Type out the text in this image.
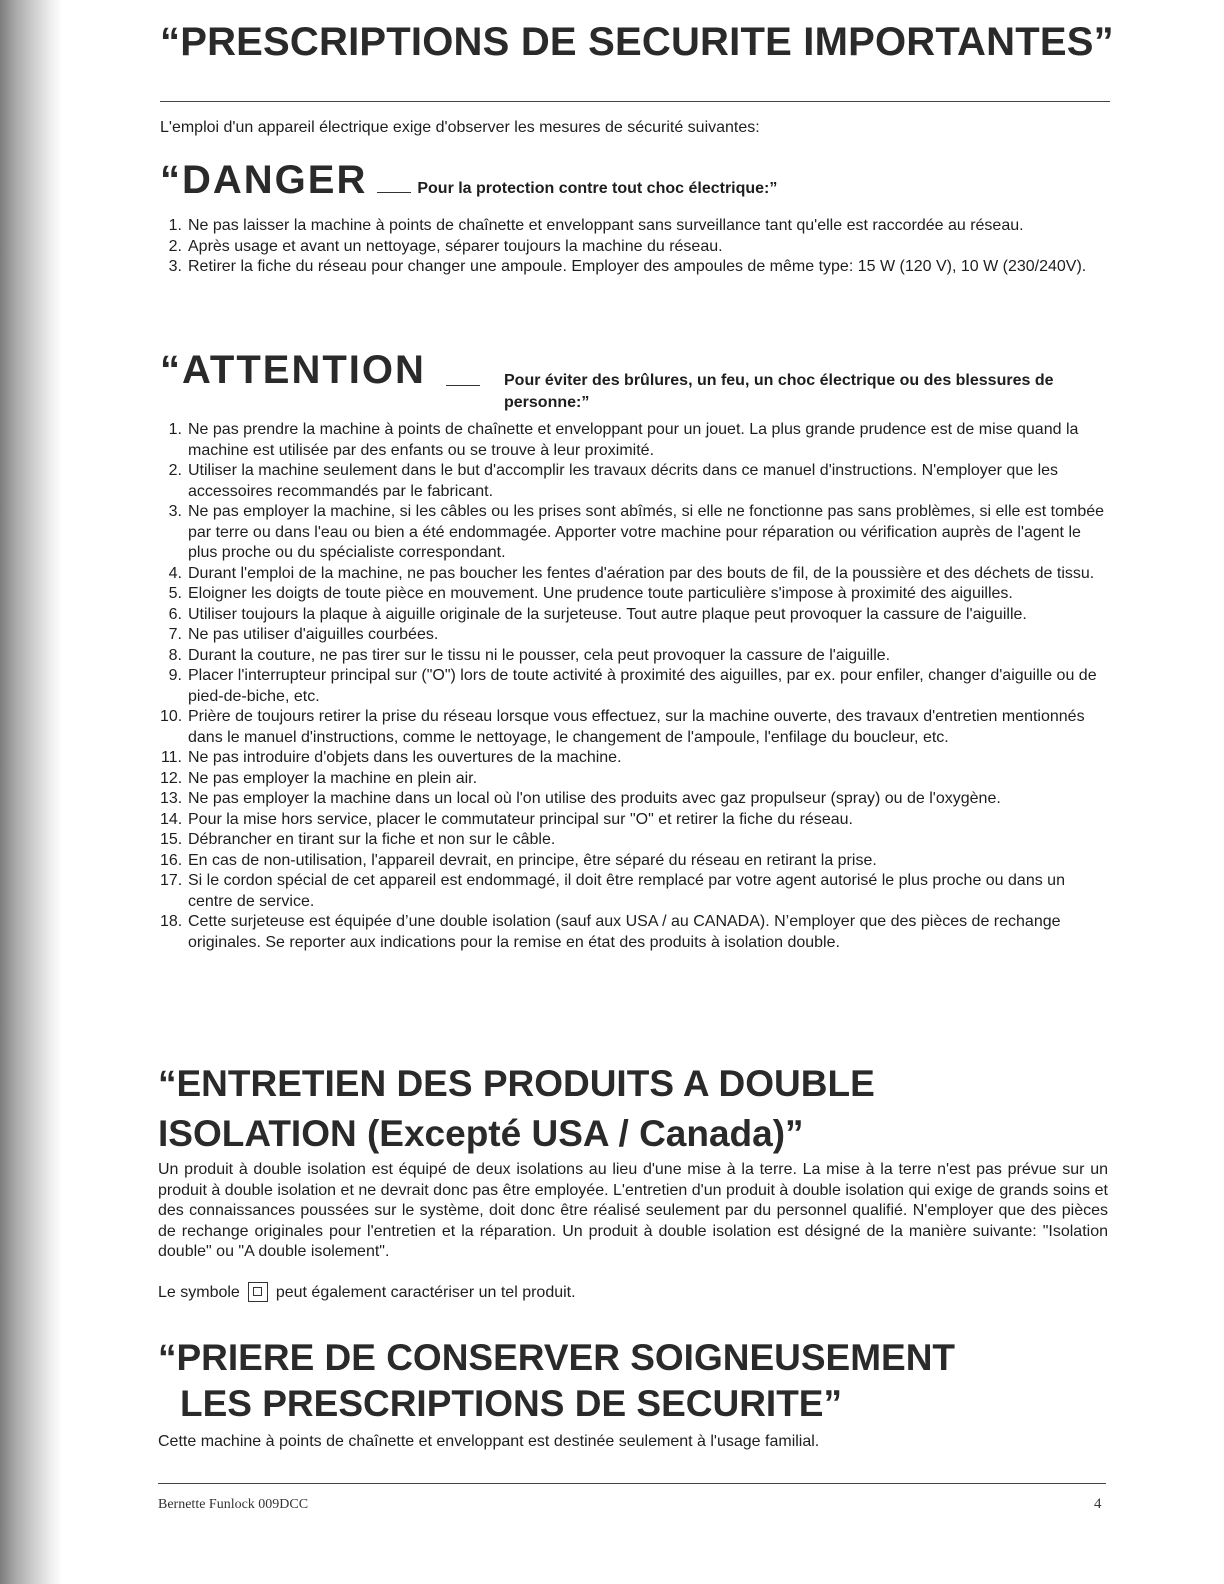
“PRESCRIPTIONS DE SECURITE IMPORTANTES”

L'emploi d'un appareil électrique exige d'observer les mesures de sécurité suivantes:

“DANGER	Pour la protection contre tout choc électrique:”
1. Ne pas laisser la machine à points de chaînette et enveloppant sans surveillance tant qu'elle est raccordée au réseau.
2. Après usage et avant un nettoyage, séparer toujours la machine du réseau.
3. Retirer la fiche du réseau pour changer une ampoule. Employer des ampoules de même type: 15 W (120 V), 10 W (230/240V).
“ATTENTION	Pour éviter des brûlures, un feu, un choc électrique ou des blessures de personne:”
1. Ne pas prendre la machine à points de chaînette et enveloppant pour un jouet. La plus grande prudence est de mise quand la machine est utilisée par des enfants ou se trouve à leur proximité.
2. Utiliser la machine seulement dans le but d'accomplir les travaux décrits dans ce manuel d'instructions. N'employer que les accessoires recommandés par le fabricant.
3. Ne pas employer la machine, si les câbles ou les prises sont abîmés, si elle ne fonctionne pas sans problèmes, si elle est tombée par terre ou dans l'eau ou bien a été endommagée. Apporter votre machine pour réparation ou vérification auprès de l'agent le plus proche ou du spécialiste correspondant.
4. Durant l'emploi de la machine, ne pas boucher les fentes d'aération par des bouts de fil, de la poussière et des déchets de tissu.
5. Eloigner les doigts de toute pièce en mouvement. Une prudence toute particulière s'impose à proximité des aiguilles.
6. Utiliser toujours la plaque à aiguille originale de la surjeteuse. Tout autre plaque peut provoquer la cassure de l'aiguille.
7. Ne pas utiliser d'aiguilles courbées.
8. Durant la couture, ne pas tirer sur le tissu ni le pousser, cela peut provoquer la cassure de l'aiguille.
9. Placer l'interrupteur principal sur ("O") lors de toute activité à proximité des aiguilles, par ex. pour enfiler, changer d'aiguille ou de pied-de-biche, etc.
10. Prière de toujours retirer la prise du réseau lorsque vous effectuez, sur la machine ouverte, des travaux d'entretien mentionnés dans le manuel d'instructions, comme le nettoyage, le changement de l'ampoule, l'enfilage du boucleur, etc.
11. Ne pas introduire d'objets dans les ouvertures de la machine.
12. Ne pas employer la machine en plein air.
13. Ne pas employer la machine dans un local où l'on utilise des produits avec gaz propulseur (spray) ou de l'oxygène.
14. Pour la mise hors service, placer le commutateur principal sur "O" et retirer la fiche du réseau.
15. Débrancher en tirant sur la fiche et non sur le câble.
16. En cas de non-utilisation, l'appareil devrait, en principe, être séparé du réseau en retirant la prise.
17. Si le cordon spécial de cet appareil est endommagé, il doit être remplacé par votre agent autorisé le plus proche ou dans un centre de service.
18. Cette surjeteuse est équipée d’une double isolation (sauf aux USA / au CANADA). N’employer que des pièces de rechange originales. Se reporter aux indications pour la remise en état des produits à isolation double.
“ENTRETIEN DES PRODUITS A DOUBLE
ISOLATION (Excepté USA / Canada)”

Un produit à double isolation est équipé de deux isolations au lieu d'une mise à la terre. La mise à la terre n'est pas prévue sur un produit à double isolation et ne devrait donc pas être employée. L'entretien d'un produit à double isolation qui exige de grands soins et des connaissances poussées sur le système, doit donc être réalisé seulement par du personnel qualifié. N'employer que des pièces de rechange originales pour l'entretien et la réparation. Un produit à double isolation est désigné de la manière suivante: "Isolation double" ou "A double isolement".

Le symbole peut également caractériser un tel produit.

“PRIERE DE CONSERVER SOIGNEUSEMENT
LES PRESCRIPTIONS DE SECURITE”

Cette machine à points de chaînette et enveloppant est destinée seulement à l'usage familial.

Bernette Funlock 009DCC	4
